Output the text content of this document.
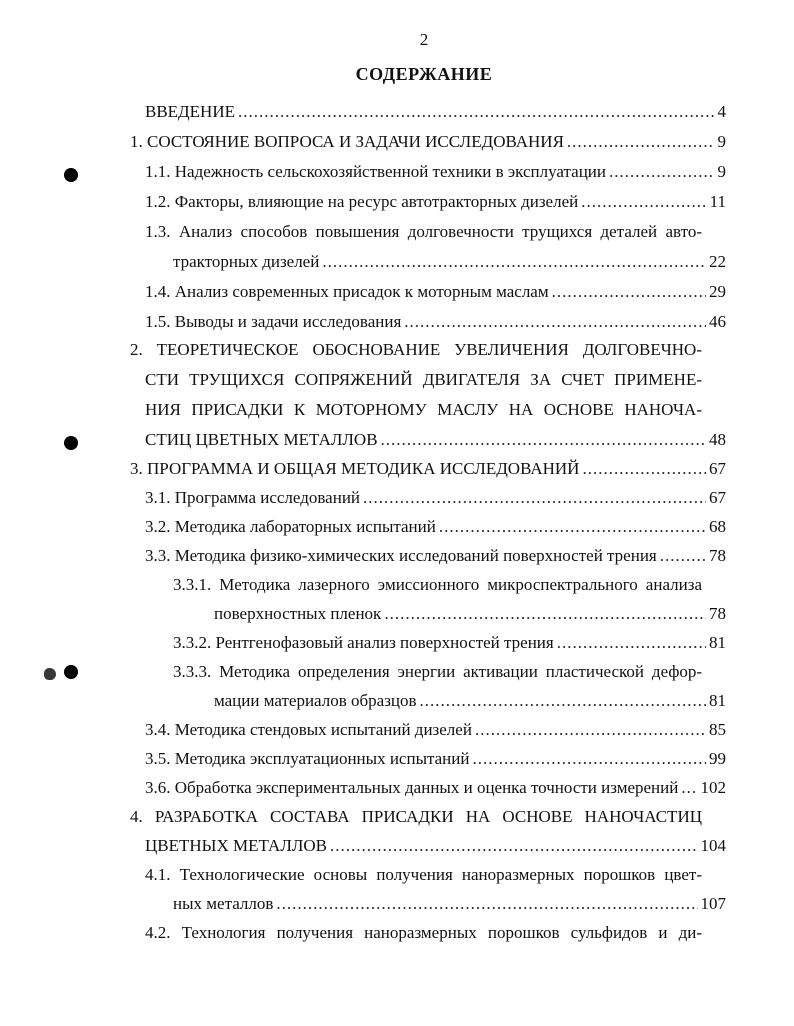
2
СОДЕРЖАНИЕ
ВВЕДЕНИЕ .....	4
1. СОСТОЯНИЕ ВОПРОСА И ЗАДАЧИ ИССЛЕДОВАНИЯ .....	9
1.1. Надежность сельскохозяйственной техники в эксплуатации .....	9
1.2. Факторы, влияющие на ресурс автотракторных дизелей .....	11
1.3. Анализ способов повышения долговечности трущихся деталей авто-
тракторных дизелей .....	22
1.4. Анализ современных присадок к моторным маслам .....	29
1.5. Выводы и задачи исследования .....	46
2. ТЕОРЕТИЧЕСКОЕ ОБОСНОВАНИЕ УВЕЛИЧЕНИЯ ДОЛГОВЕЧНО-
СТИ ТРУЩИХСЯ СОПРЯЖЕНИЙ ДВИГАТЕЛЯ ЗА СЧЕТ ПРИМЕНЕ-
НИЯ ПРИСАДКИ К МОТОРНОМУ МАСЛУ НА ОСНОВЕ НАНОЧА-
СТИЦ ЦВЕТНЫХ МЕТАЛЛОВ .....	48
3. ПРОГРАММА И ОБЩАЯ МЕТОДИКА ИССЛЕДОВАНИЙ .....	67
3.1. Программа исследований .....	67
3.2. Методика лабораторных испытаний .....	68
3.3. Методика физико-химических исследований поверхностей трения .....	78
3.3.1. Методика лазерного эмиссионного микроспектрального анализа
поверхностных пленок .....	78
3.3.2. Рентгенофазовый анализ поверхностей трения .....	81
3.3.3. Методика определения энергии активации пластической дефор-
мации материалов образцов .....	81
3.4. Методика стендовых испытаний дизелей .....	85
3.5. Методика эксплуатационных испытаний .....	99
3.6. Обработка экспериментальных данных и оценка точности измерений ..... 102
4. РАЗРАБОТКА СОСТАВА ПРИСАДКИ НА ОСНОВЕ НАНОЧАСТИЦ
ЦВЕТНЫХ МЕТАЛЛОВ .....	104
4.1. Технологические основы получения наноразмерных порошков цвет-
ных металлов .....	107
4.2. Технология получения наноразмерных порошков сульфидов и ди-
